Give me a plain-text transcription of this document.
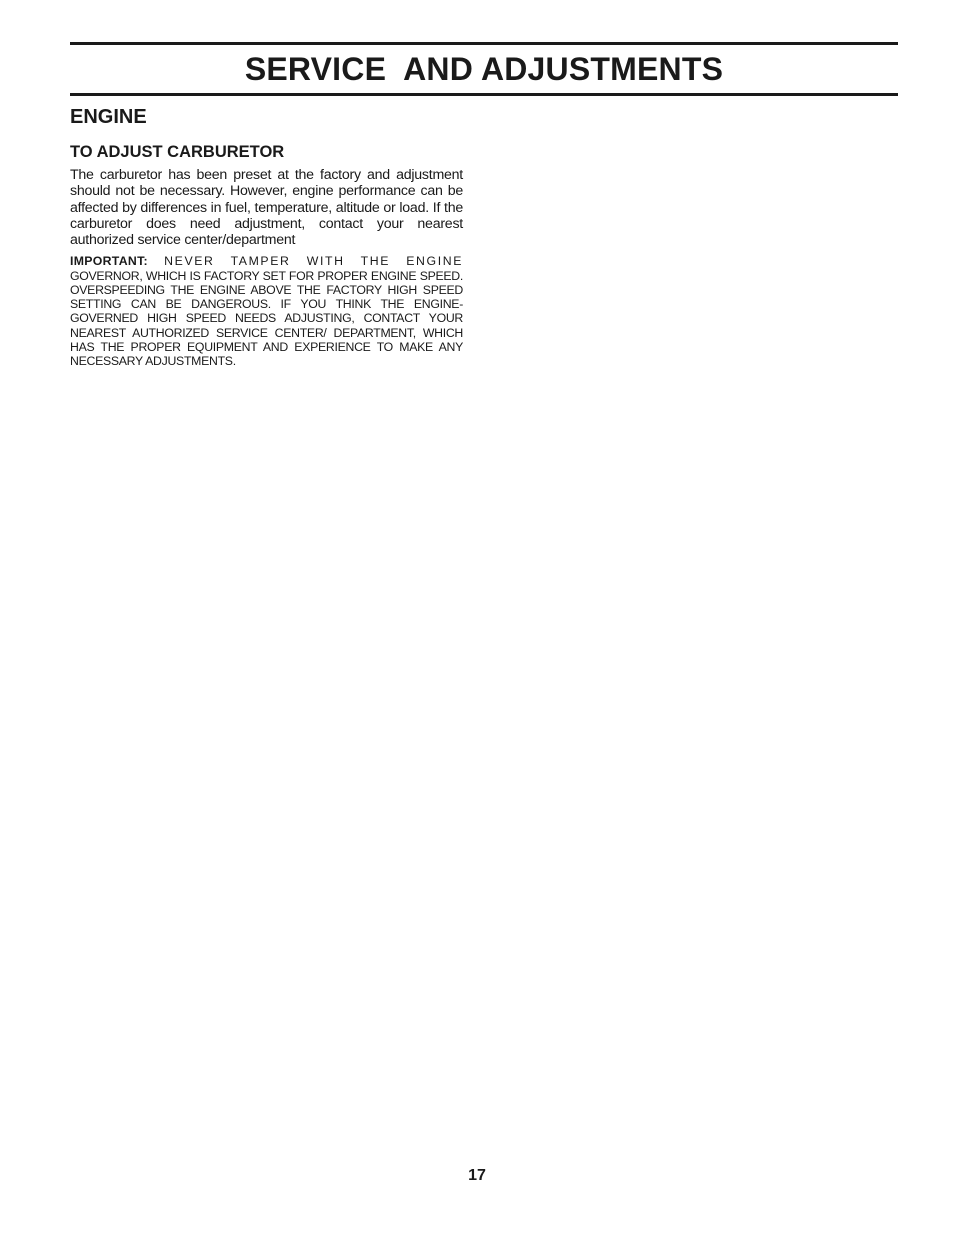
SERVICE  AND ADJUSTMENTS
ENGINE
TO ADJUST CARBURETOR

The carburetor has been preset at the factory and adjustment should not be necessary. However, engine performance can be affected by differences in fuel, temperature, altitude or load. If the carburetor does need adjustment, contact your nearest authorized service center/department

IMPORTANT: NEVER TAMPER WITH THE ENGINE GOVERNOR, WHICH IS FACTORY SET FOR PROPER ENGINE SPEED. OVERSPEEDING THE ENGINE ABOVE THE FACTORY HIGH SPEED SETTING CAN BE DANGEROUS. IF YOU THINK THE ENGINE-GOVERNED HIGH SPEED NEEDS ADJUSTING, CONTACT YOUR NEAREST AUTHORIZED SERVICE CENTER/ DEPARTMENT, WHICH HAS THE PROPER EQUIPMENT AND EXPERIENCE TO MAKE ANY NECESSARY ADJUSTMENTS.

17
